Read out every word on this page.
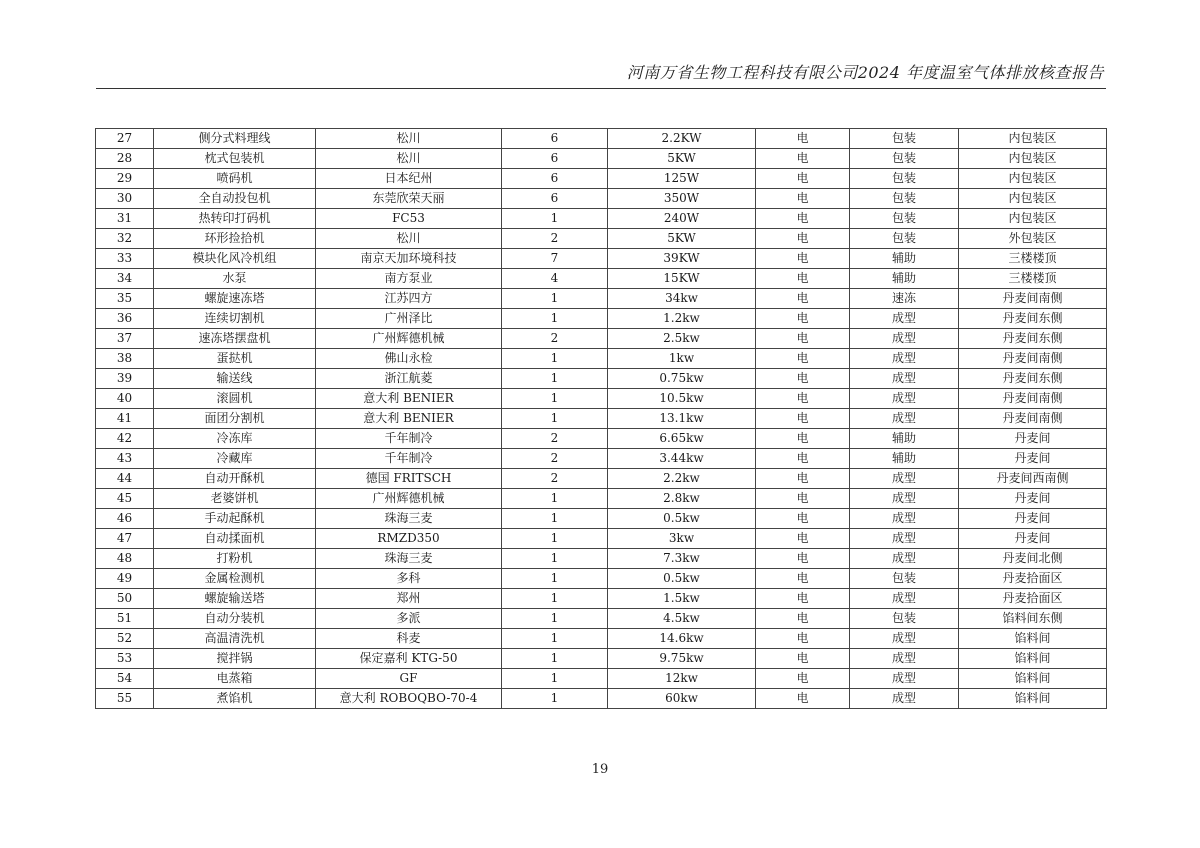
河南万省生物工程科技有限公司2024 年度温室气体排放核查报告
27	侧分式料理线	松川	6	2.2KW	电	包装	内包装区
28	枕式包装机	松川	6	5KW	电	包装	内包装区
29	喷码机	日本纪州	6	125W	电	包装	内包装区
30	全自动投包机	东莞欣荣天丽	6	350W	电	包装	内包装区
31	热转印打码机	FC53	1	240W	电	包装	内包装区
32	环形捡拾机	松川	2	5KW	电	包装	外包装区
33	模块化风冷机组	南京天加环境科技	7	39KW	电	辅助	三楼楼顶
34	水泵	南方泵业	4	15KW	电	辅助	三楼楼顶
35	螺旋速冻塔	江苏四方	1	34kw	电	速冻	丹麦间南侧
36	连续切割机	广州泽比	1	1.2kw	电	成型	丹麦间东侧
37	速冻塔摆盘机	广州辉德机械	2	2.5kw	电	成型	丹麦间东侧
38	蛋挞机	佛山永检	1	1kw	电	成型	丹麦间南侧
39	输送线	浙江航菱	1	0.75kw	电	成型	丹麦间东侧
40	滚圆机	意大利 BENIER	1	10.5kw	电	成型	丹麦间南侧
41	面团分割机	意大利 BENIER	1	13.1kw	电	成型	丹麦间南侧
42	冷冻库	千年制冷	2	6.65kw	电	辅助	丹麦间
43	冷藏库	千年制冷	2	3.44kw	电	辅助	丹麦间
44	自动开酥机	德国 FRITSCH	2	2.2kw	电	成型	丹麦间西南侧
45	老婆饼机	广州辉德机械	1	2.8kw	电	成型	丹麦间
46	手动起酥机	珠海三麦	1	0.5kw	电	成型	丹麦间
47	自动揉面机	RMZD350	1	3kw	电	成型	丹麦间
48	打粉机	珠海三麦	1	7.3kw	电	成型	丹麦间北侧
49	金属检测机	多科	1	0.5kw	电	包装	丹麦拾面区
50	螺旋输送塔	郑州	1	1.5kw	电	成型	丹麦拾面区
51	自动分装机	多派	1	4.5kw	电	包装	馅料间东侧
52	高温清洗机	科麦	1	14.6kw	电	成型	馅料间
53	搅拌锅	保定嘉利 KTG-50	1	9.75kw	电	成型	馅料间
54	电蒸箱	GF	1	12kw	电	成型	馅料间
55	煮馅机	意大利 ROBOQBO-70-4	1	60kw	电	成型	馅料间
19
